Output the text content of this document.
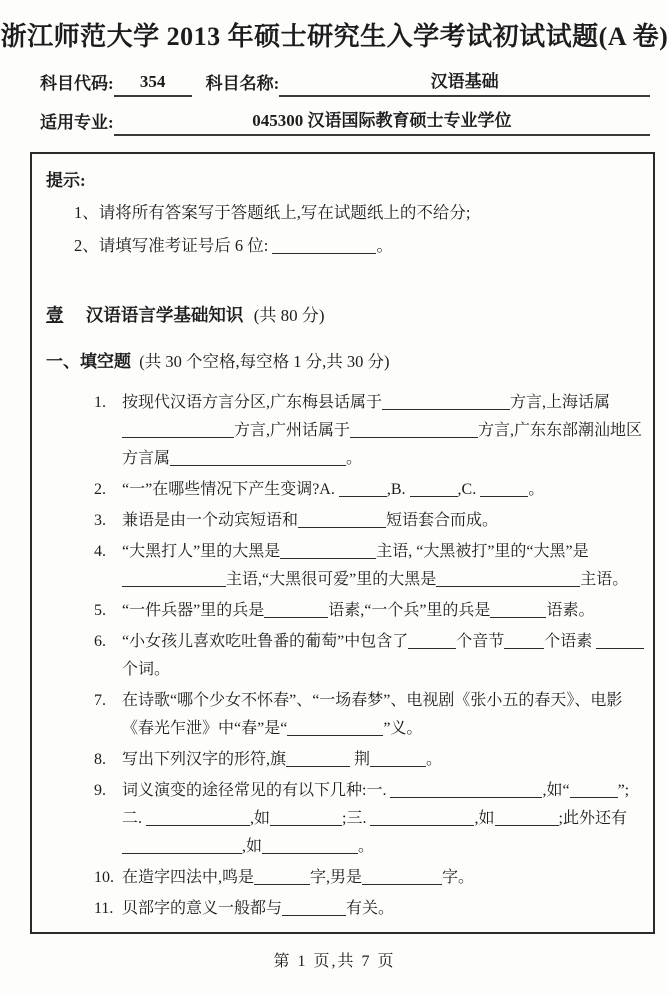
浙江师范大学 2013 年硕士研究生入学考试初试试题(A 卷)
科目代码:	354	科目名称:	汉语基础
适用专业:	045300 汉语国际教育硕士专业学位
提示:
1、请将所有答案写于答题纸上,写在试题纸上的不给分;
2、请填写准考证号后 6 位:	。
壹 汉语语言学基础知识 (共 80 分)
一、填空题 (共 30 个空格,每空格 1 分,共 30 分)
1.	按现代汉语方言分区,广东梅县话属于	方言,上海话属方言,广州话属于	方言,广东东部潮汕地区方言属	。
2.	“一”在哪些情况下产生变调?A.	,B.	,C.	。
3.	兼语是由一个动宾短语和	短语套合而成。
4.	“大黑打人”里的大黑是	主语, “大黑被打”里的“大黑”是主语,“大黑很可爱”里的大黑是	主语。
5.	“一件兵器”里的兵是	语素,“一个兵”里的兵是	语素。
6.	“小女孩儿喜欢吃吐鲁番的葡萄”中包含了	个音节	个语素 个词。
7.	在诗歌“哪个少女不怀春”、“一场春梦”、电视剧《张小五的春天》、电影《春光乍泄》中“春”是“	”义。
8.	写出下列汉字的形符,旗	荆	。
9.	词义演变的途径常见的有以下几种:一.	,如“	”;二.	,如	;三.	,如	;此外还有,如	。
10. 在造字四法中,鸣是	字,男是	字。
11. 贝部字的意义一般都与	有关。
第 1 页,共 7 页
